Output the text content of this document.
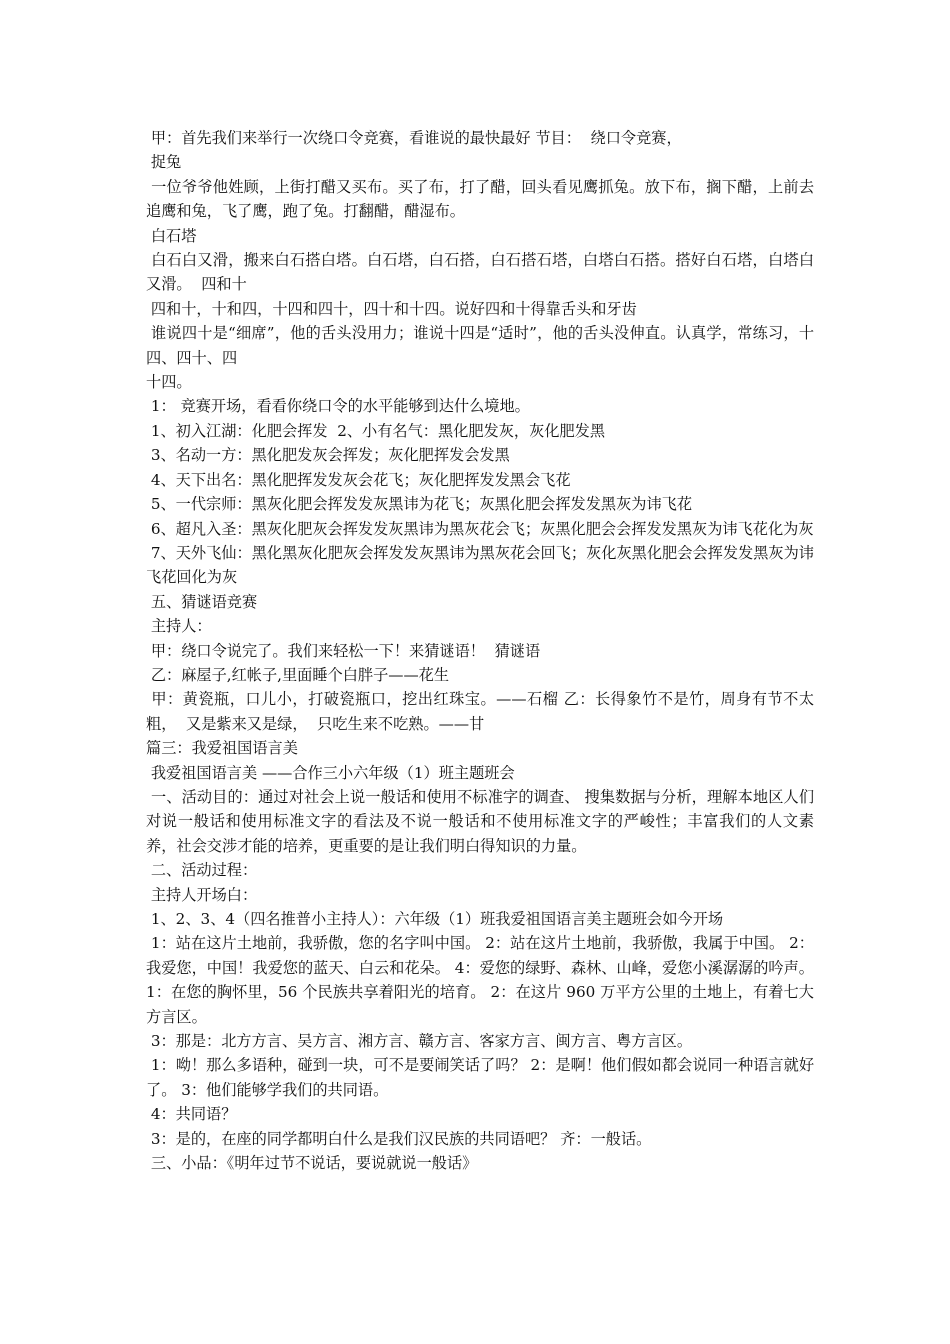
甲：首先我们来举行一次绕口令竞赛，看谁说的最快最好 节目：  绕口令竞赛，

捉兔

一位爷爷他姓顾，上街打醋又买布。买了布，打了醋，回头看见鹰抓兔。放下布，搁下醋，上前去追鹰和兔，飞了鹰，跑了兔。打翻醋，醋湿布。

白石塔

白石白又滑，搬来白石搭白塔。白石塔，白石搭，白石搭石塔，白塔白石搭。搭好白石塔，白塔白又滑。  四和十

四和十，十和四，十四和四十，四十和十四。说好四和十得靠舌头和牙齿

谁说四十是“细席”，他的舌头没用力；谁说十四是“适时”，他的舌头没伸直。认真学，常练习，十四、四十、四

十四。

1： 竞赛开场，看看你绕口令的水平能够到达什么境地。

1、初入江湖：化肥会挥发  2、小有名气：黑化肥发灰，灰化肥发黑

3、名动一方：黑化肥发灰会挥发；灰化肥挥发会发黑

4、天下出名：黑化肥挥发发灰会花飞；灰化肥挥发发黑会飞花

5、一代宗师：黑灰化肥会挥发发灰黑讳为花飞；灰黑化肥会挥发发黑灰为讳飞花

6、超凡入圣：黑灰化肥灰会挥发发灰黑讳为黑灰花会飞；灰黑化肥会会挥发发黑灰为讳飞花化为灰

7、天外飞仙：黑化黑灰化肥灰会挥发发灰黑讳为黑灰花会回飞；灰化灰黑化肥会会挥发发黑灰为讳飞花回化为灰

五、猜谜语竞赛

主持人：

甲：绕口令说完了。我们来轻松一下！来猜谜语！  猜谜语

乙：麻屋子,红帐子,里面睡个白胖子——花生

甲：黄瓷瓶，口儿小，打破瓷瓶口，挖出红珠宝。——石榴 乙：长得象竹不是竹，周身有节不太粗，  又是紫来又是绿，  只吃生来不吃熟。——甘

篇三：我爱祖国语言美

我爱祖国语言美 ——合作三小六年级（1）班主题班会

一、活动目的：通过对社会上说一般话和使用不标准字的调查、 搜集数据与分析，理解本地区人们对说一般话和使用标准文字的看法及不说一般话和不使用标准文字的严峻性；丰富我们的人文素养，社会交涉才能的培养，更重要的是让我们明白得知识的力量。

二、活动过程：

主持人开场白：

1、2、3、4（四名推普小主持人）：六年级（1）班我爱祖国语言美主题班会如今开场

1：站在这片土地前，我骄傲，您的名字叫中国。 2：站在这片土地前，我骄傲，我属于中国。 2：我爱您，中国！我爱您的蓝天、白云和花朵。 4：爱您的绿野、森林、山峰，爱您小溪潺潺的吟声。 1：在您的胸怀里，56 个民族共享着阳光的培育。 2：在这片 960 万平方公里的土地上，有着七大方言区。

3：那是：北方方言、吴方言、湘方言、赣方言、客家方言、闽方言、粤方言区。

1：呦！那么多语种，碰到一块，可不是要闹笑话了吗？ 2：是啊！他们假如都会说同一种语言就好了。 3：他们能够学我们的共同语。

4：共同语？

3：是的，在座的同学都明白什么是我们汉民族的共同语吧？ 齐：一般话。

三、小品：《明年过节不说话，要说就说一般话》
